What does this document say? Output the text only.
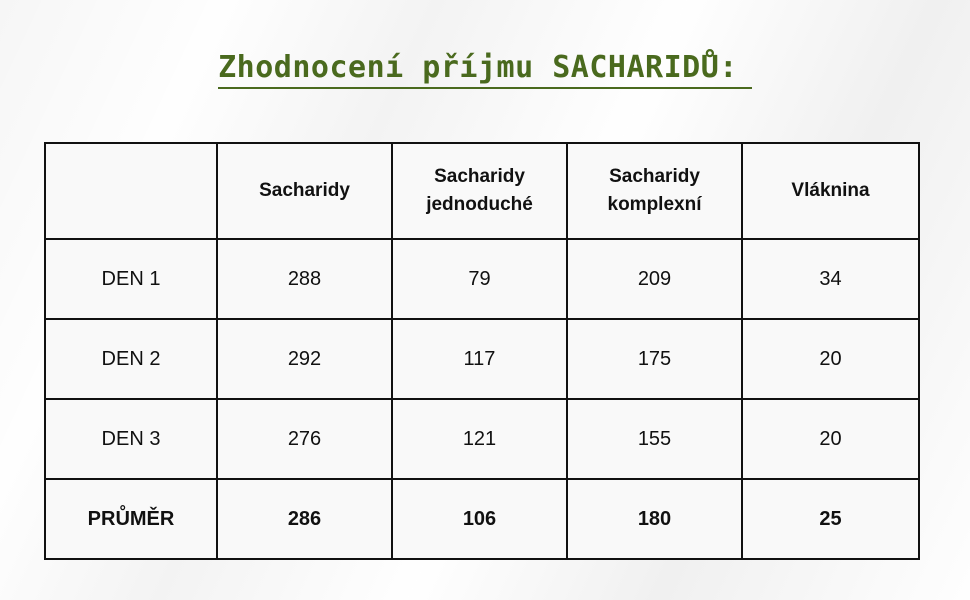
Zhodnocení příjmu SACHARIDŮ:
	Sacharidy	Sacharidy jednoduché	Sacharidy komplexní	Vláknina
DEN 1	288	79	209	34
DEN 2	292	117	175	20
DEN 3	276	121	155	20
PRŮMĚR	286	106	180	25
